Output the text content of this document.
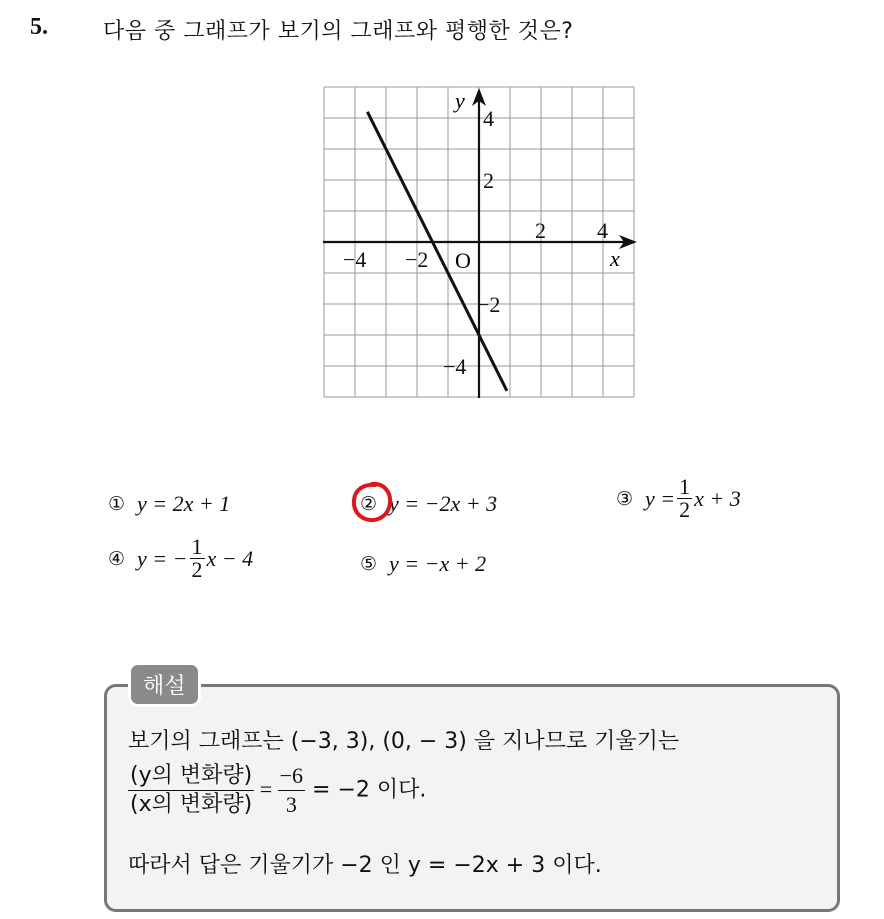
5.	다음 중 그래프가 보기의 그래프와 평행한 것은?
−4 −2
2 4
4
2
−2
−4
x
y
O
① y = 2x + 1	② y = −2x + 3	③ $y = \frac{1}{2}$ x + 3
④ y = − $\frac{1}{2}$ x − 4	⑤ y = −x + 2
해설
보기의 그래프는 (−3, 3), (0, − 3) 을 지나므로 기울기는
(y의 변화량)
(x의 변화량)
= $\frac{-6}{3} = -2$ 이다.
따라서 답은 기울기가 −2 인 y = −2x + 3 이다.
